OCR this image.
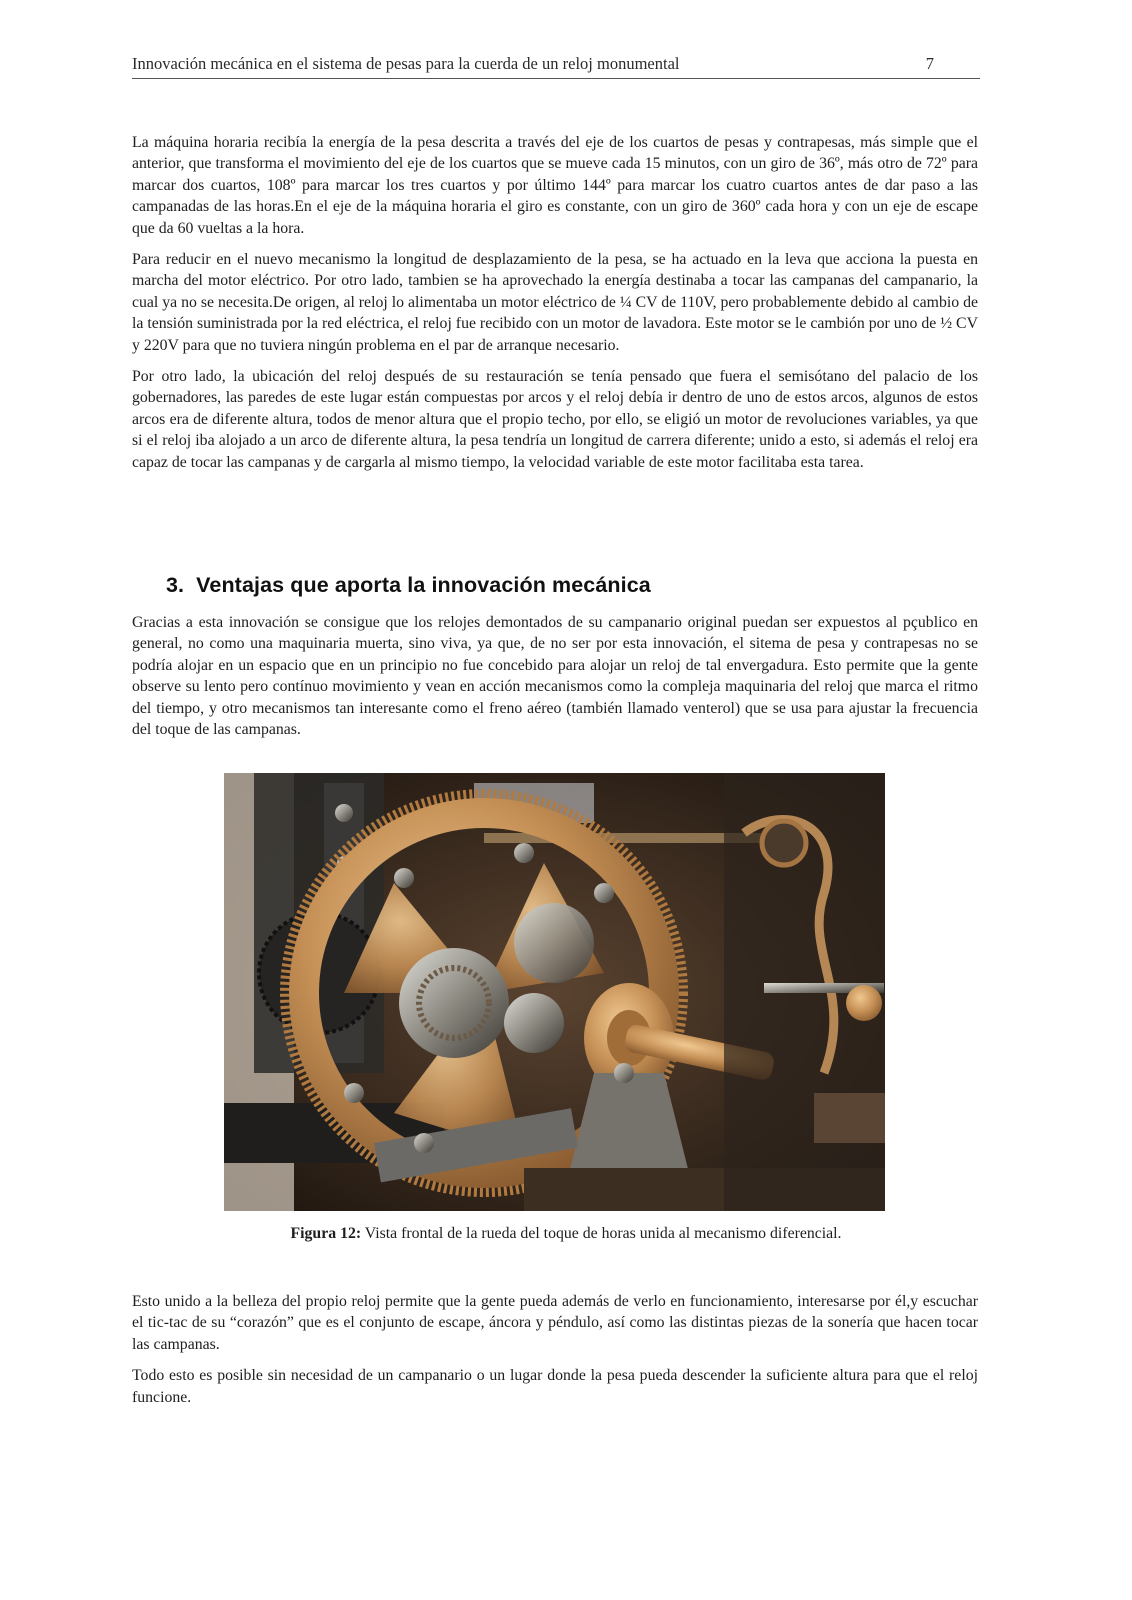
Innovación mecánica en el sistema de pesas para la cuerda de un reloj monumental	7

La máquina horaria recibía la energía de la pesa descrita a través del eje de los cuartos de pesas y contrapesas, más simple que el anterior, que transforma el movimiento del eje de los cuartos que se mueve cada 15 minutos, con un giro de 36º, más otro de 72º para marcar dos cuartos, 108º para marcar los tres cuartos y por último 144º para marcar los cuatro cuartos antes de dar paso a las campanadas de las horas.En el eje de la máquina horaria el giro es constante, con un giro de 360º cada hora y con un eje de escape que da 60 vueltas a la hora.

Para reducir en el nuevo mecanismo la longitud de desplazamiento de la pesa, se ha actuado en la leva que acciona la puesta en marcha del motor eléctrico. Por otro lado, tambien se ha aprovechado la energía destinaba a tocar las campanas del campanario, la cual ya no se necesita.De origen, al reloj lo alimentaba un motor eléctrico de ¼ CV de 110V, pero probablemente debido al cambio de la tensión suministrada por la red eléctrica, el reloj fue recibido con un motor de lavadora. Este motor se le cambión por uno de ½ CV y 220V para que no tuviera ningún problema en el par de arranque necesario.

Por otro lado, la ubicación del reloj después de su restauración se tenía pensado que fuera el semisótano del palacio de los gobernadores, las paredes de este lugar están compuestas por arcos y el reloj debía ir dentro de uno de estos arcos, algunos de estos arcos era de diferente altura, todos de menor altura que el propio techo, por ello, se eligió un motor de revoluciones variables, ya que si el reloj iba alojado a un arco de diferente altura, la pesa tendría un longitud de carrera diferente; unido a esto, si además el reloj era capaz de tocar las campanas y de cargarla al mismo tiempo, la velocidad variable de este motor facilitaba esta tarea.

3. Ventajas que aporta la innovación mecánica

Gracias a esta innovación se consigue que los relojes demontados de su campanario original puedan ser expuestos al pçublico en general, no como una maquinaria muerta, sino viva, ya que, de no ser por esta innovación, el sitema de pesa y contrapesas no se podría alojar en un espacio que en un principio no fue concebido para alojar un reloj de tal envergadura. Esto permite que la gente observe su lento pero contínuo movimiento y vean en acción mecanismos como la compleja maquinaria del reloj que marca el ritmo del tiempo, y otro mecanismos tan interesante como el freno aéreo (también llamado venterol) que se usa para ajustar la frecuencia del toque de las campanas.

Figura 12: Vista frontal de la rueda del toque de horas unida al mecanismo diferencial.

Esto unido a la belleza del propio reloj permite que la gente pueda además de verlo en funcionamiento, interesarse por él,y escuchar el tic-tac de su “corazón” que es el conjunto de escape, áncora y péndulo, así como las distintas piezas de la sonería que hacen tocar las campanas.

Todo esto es posible sin necesidad de un campanario o un lugar donde la pesa pueda descender la suficiente altura para que el reloj funcione.
